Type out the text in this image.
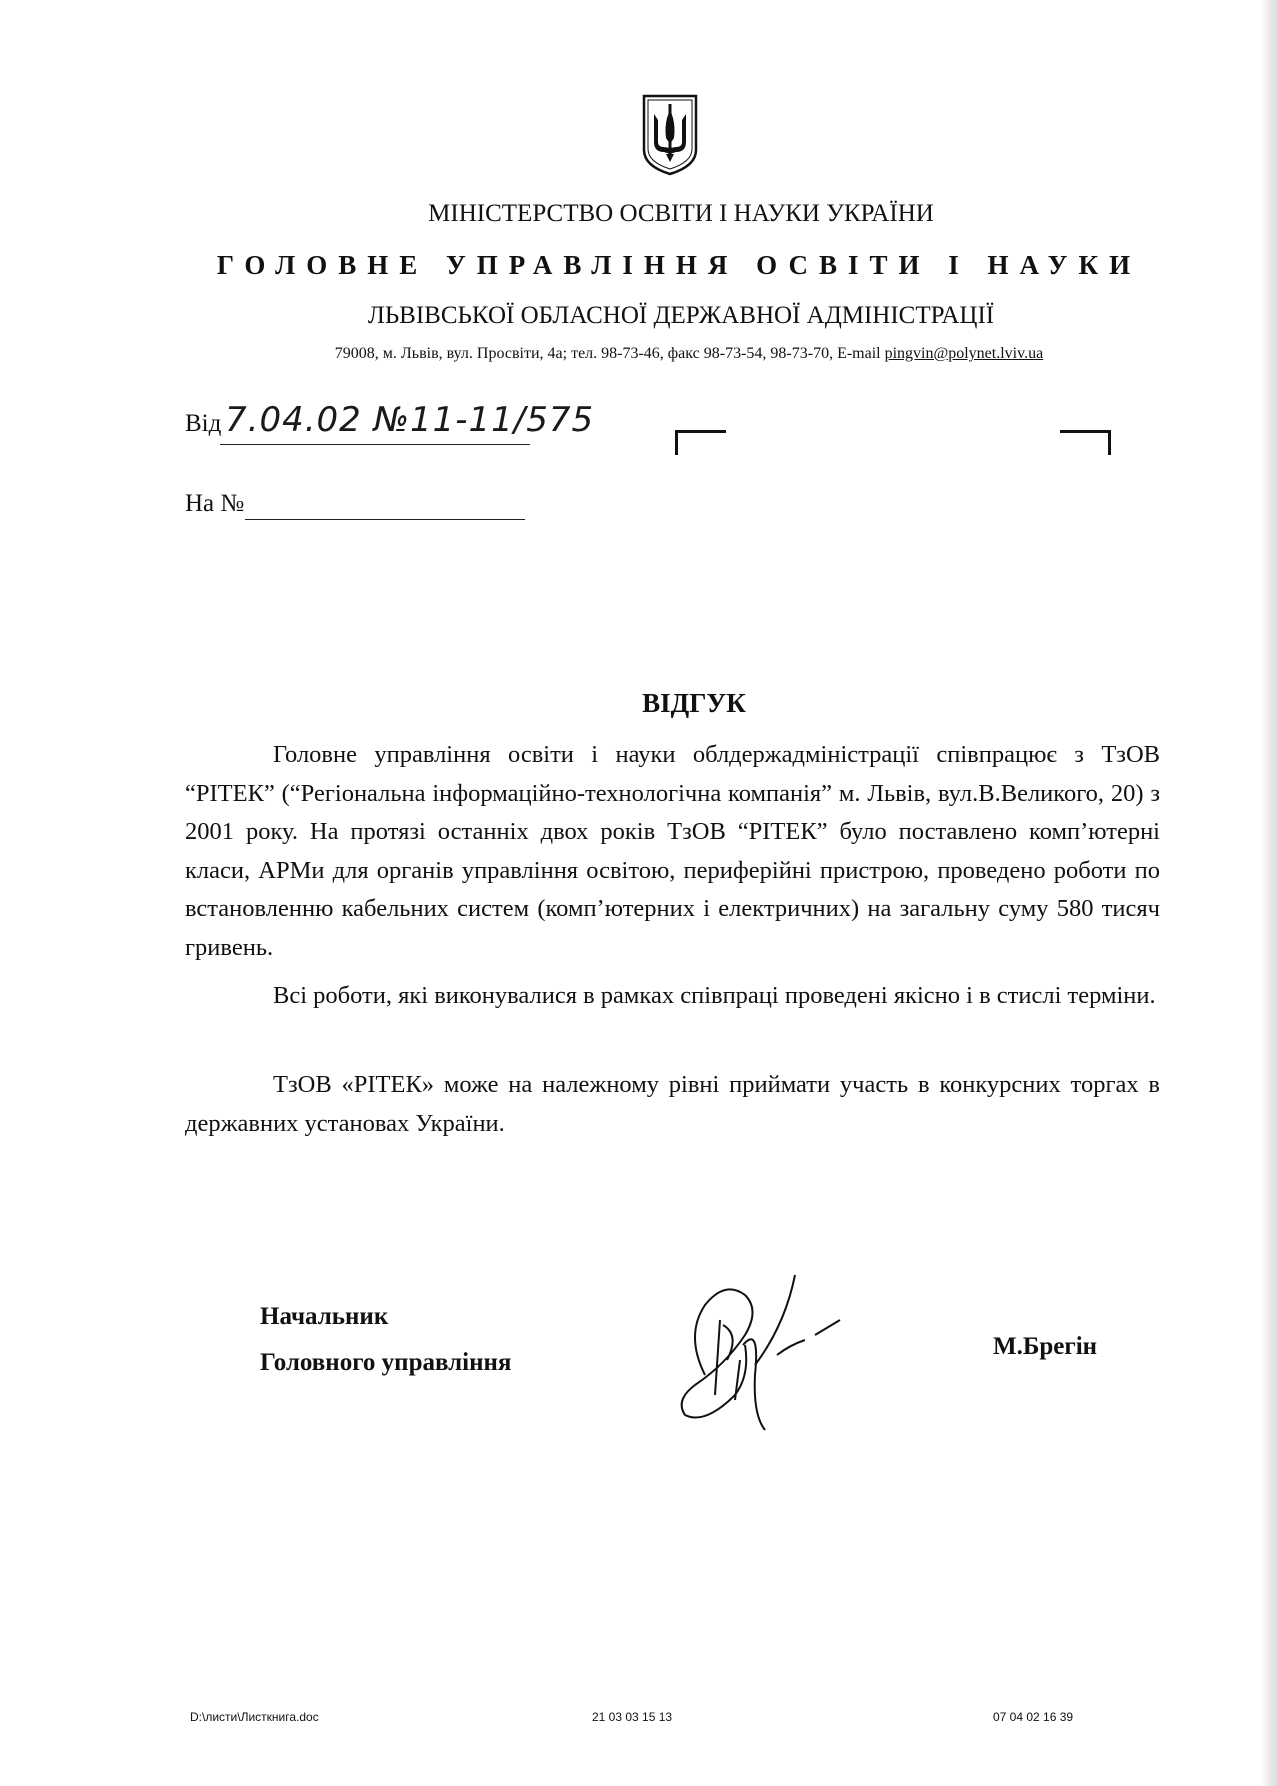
МІНІСТЕРСТВО ОСВІТИ І НАУКИ УКРАЇНИ
ГОЛОВНЕ УПРАВЛІННЯ ОСВІТИ І НАУКИ
ЛЬВІВСЬКОЇ ОБЛАСНОЇ ДЕРЖАВНОЇ АДМІНІСТРАЦІЇ
79008, м. Львів, вул. Просвіти, 4а; тел. 98-73-46, факс 98-73-54, 98-73-70, E-mail pingvin@polynet.lviv.ua
Від 7.04.02 №11-11/575
На №
ВІДГУК
Головне управління освіти і науки облдержадміністрації співпрацює з ТзОВ “РІТЕК” (“Регіональна інформаційно-технологічна компанія” м. Львів, вул.В.Великого, 20) з 2001 року. На протязі останніх двох років ТзОВ “РІТЕК” було поставлено комп’ютерні класи, АРМи для органів управління освітою, периферійні пристрою, проведено роботи по встановленню кабельних систем (комп’ютерних і електричних) на загальну суму 580 тисяч гривень.
Всі роботи, які виконувалися в рамках співпраці проведені якісно і в стислі терміни.
ТзОВ «РІТЕК» може на належному рівні приймати участь в конкурсних торгах в державних установах України.
Начальник
Головного управління
М.Брегін
D:\листи\Листкнига.doc	21 03 03 15 13	07 04 02 16 39
